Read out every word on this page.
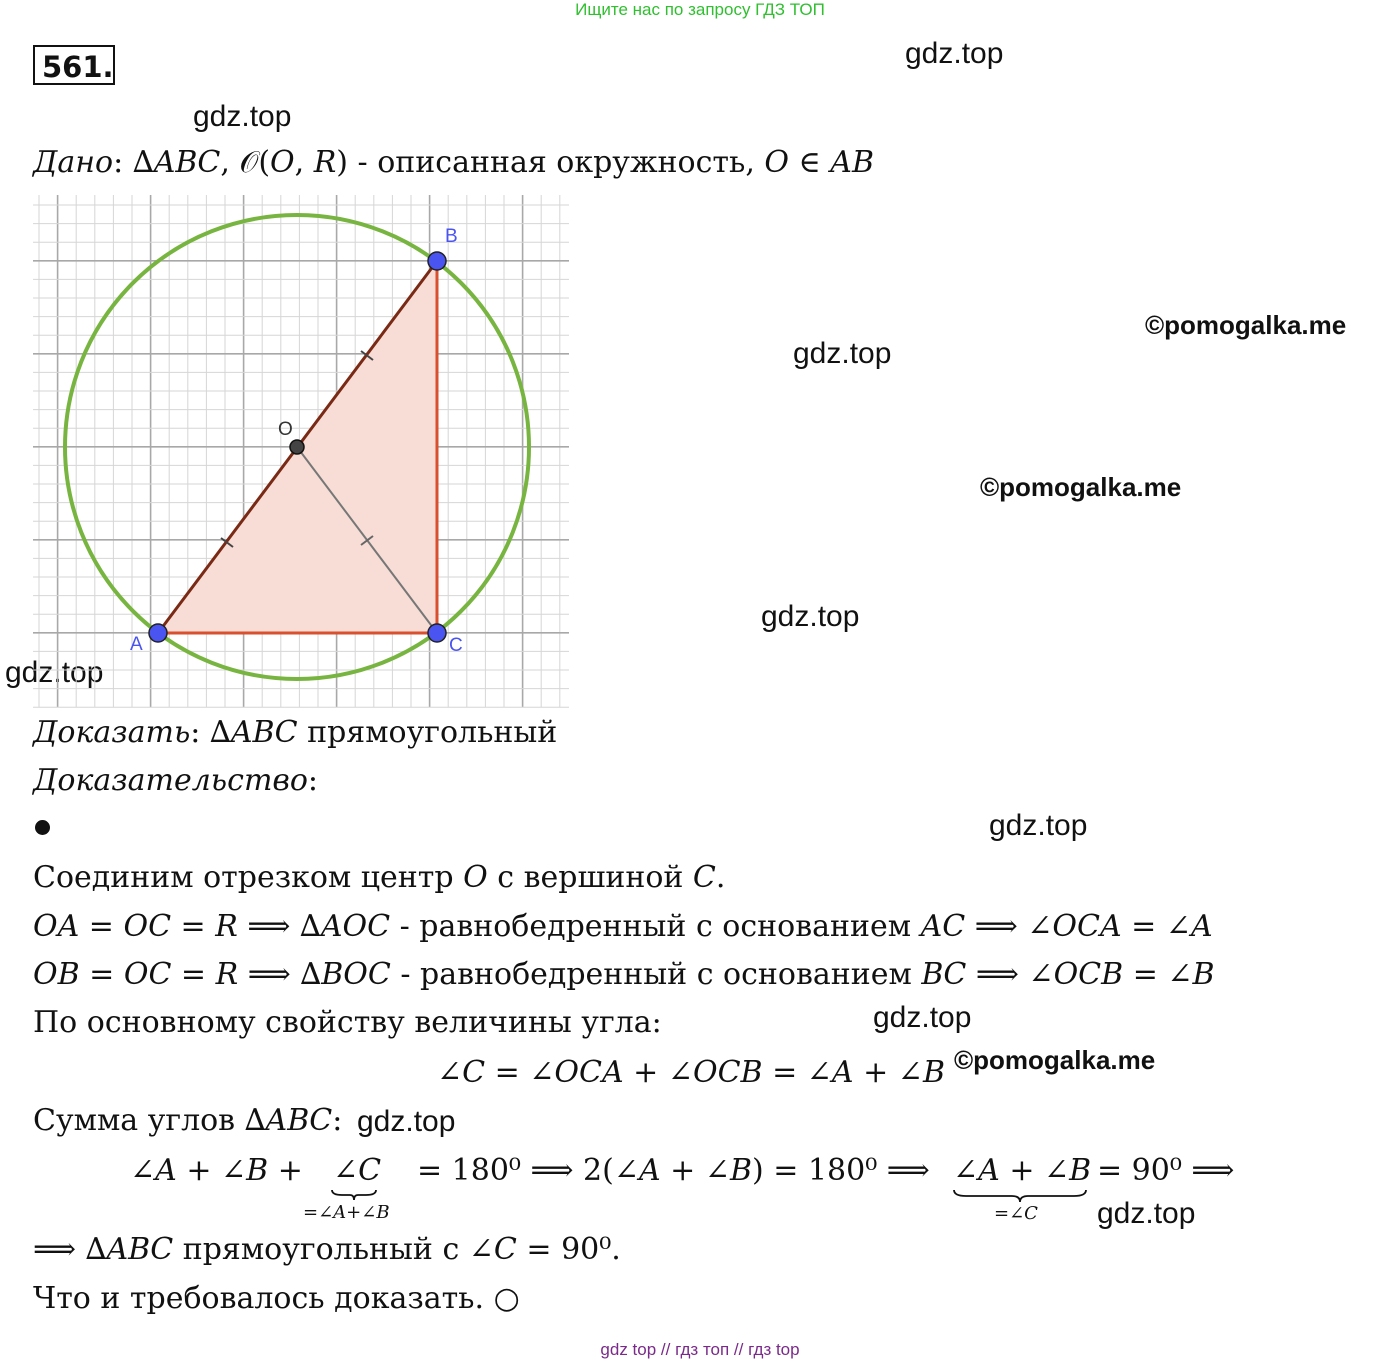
Ищите нас по запросу ГДЗ ТОП
561.	gdz.top
gdz.top
©pomogalka.me
gdz.top
©pomogalka.me
gdz.top
gdz.top
gdz.top
gdz.top
©pomogalka.me
gdz.top
gdz.top
Дано: ∆𝐴𝐵𝐶, 𝒪(𝑂, 𝑅) - описанная окружность, 𝑂 ∈ 𝐴𝐵
A
B
C
O
Доказать: ∆𝐴𝐵𝐶 прямоугольный
Доказательство:
Соединим отрезком центр 𝑂 с вершиной 𝐶.
𝑂𝐴 = 𝑂𝐶 = 𝑅 ⟹ ∆𝐴𝑂𝐶 - равнобедренный с основанием 𝐴𝐶 ⟹ ∠𝑂𝐶𝐴 = ∠𝐴
𝑂𝐵 = 𝑂𝐶 = 𝑅 ⟹ ∆𝐵𝑂𝐶 - равнобедренный с основанием 𝐵𝐶 ⟹ ∠𝑂𝐶𝐵 = ∠𝐵
По основному свойству величины угла:
∠𝐶 = ∠𝑂𝐶𝐴 + ∠𝑂𝐶𝐵 = ∠𝐴 + ∠𝐵
Сумма углов ∆𝐴𝐵𝐶:
∠𝐴 + ∠𝐵 + ∠𝐶
=∠𝐴+∠𝐵
= 180⁰ ⟹ 2(∠𝐴 + ∠𝐵) = 180⁰ ⟹ ∠𝐴 + ∠𝐵
=∠𝐶
= 90⁰ ⟹
⟹ ∆𝐴𝐵𝐶 прямоугольный с ∠𝐶 = 90⁰.
Что и требовалось доказать. ○
gdz top // гдз топ // гдз top
